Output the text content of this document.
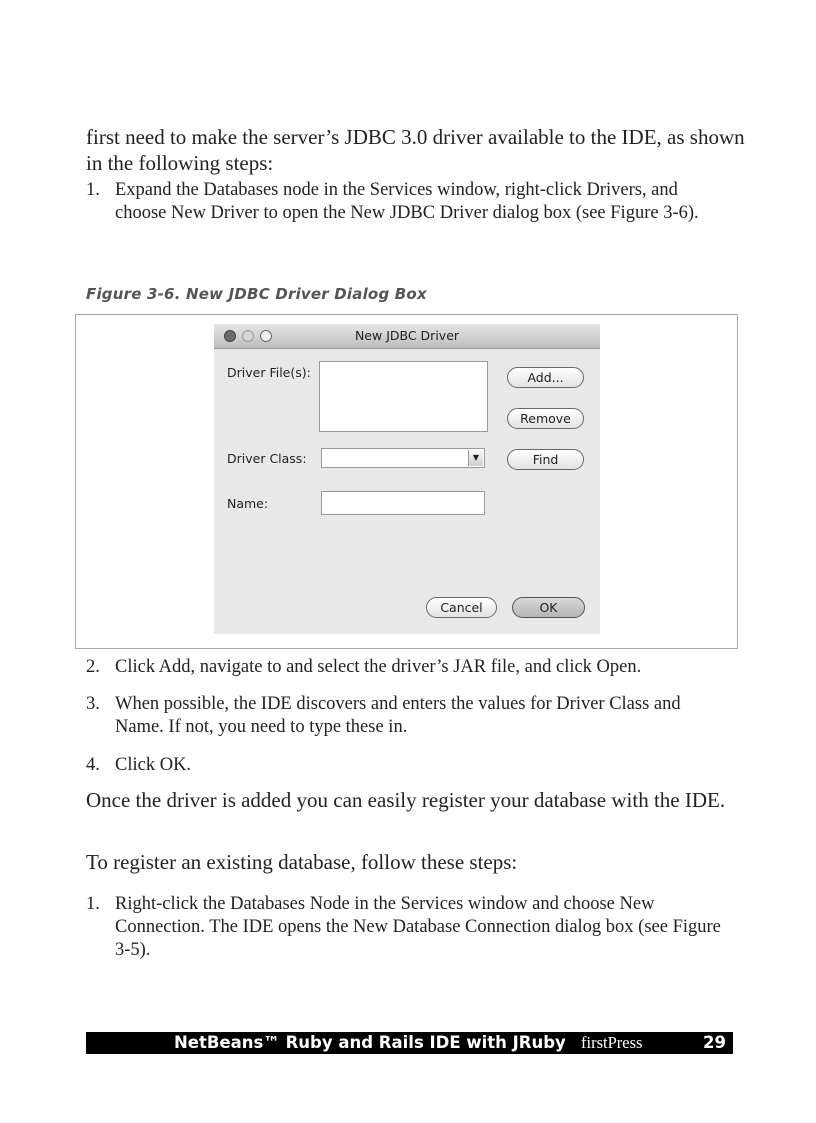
first need to make the server’s JDBC 3.0 driver available to the IDE, as shown in the following steps:
1. Expand the Databases node in the Services window, right-click Drivers, and choose New Driver to open the New JDBC Driver dialog box (see Figure 3-6).
Figure 3-6. New JDBC Driver Dialog Box
New JDBC Driver
Driver File(s):	Add...
Remove
Driver Class:	▼	Find
Name:
Cancel	OK
2. Click Add, navigate to and select the driver’s JAR file, and click Open.
3. When possible, the IDE discovers and enters the values for Driver Class and Name. If not, you need to type these in.
4. Click OK.
Once the driver is added you can easily register your database with the IDE.
To register an existing database, follow these steps:
1. Right-click the Databases Node in the Services window and choose New Connection. The IDE opens the New Database Connection dialog box (see Figure 3-5).
NetBeans™ Ruby and Rails IDE with JRuby firstPress	29
